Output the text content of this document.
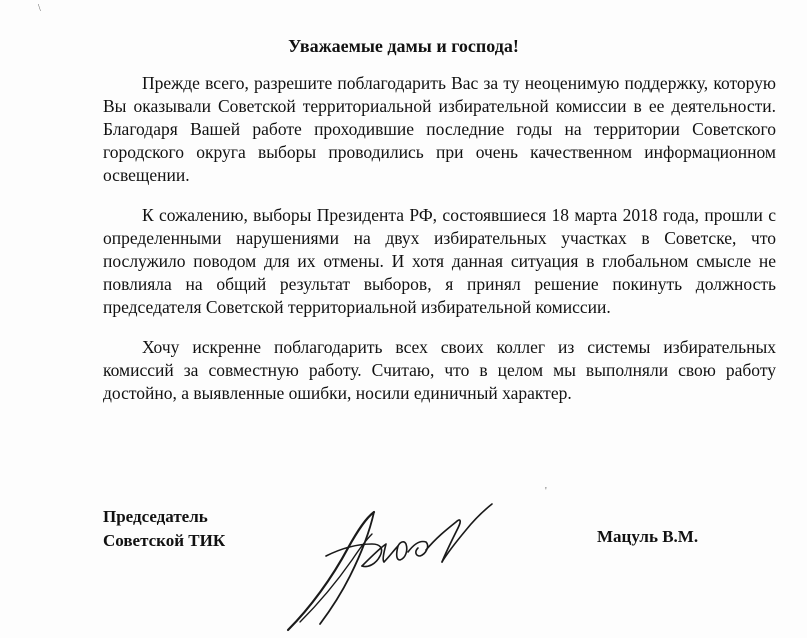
\
'
Уважаемые дамы и господа!

Прежде всего, разрешите поблагодарить Вас за ту неоценимую поддержку, которую Вы оказывали Советской территориальной избирательной комиссии в ее деятельности. Благодаря Вашей работе проходившие последние годы на территории Советского городского округа выборы проводились при очень качественном информационном освещении.

К сожалению, выборы Президента РФ, состоявшиеся 18 марта 2018 года, прошли с определенными нарушениями на двух избирательных участках в Советске, что послужило поводом для их отмены. И хотя данная ситуация в глобальном смысле не повлияла на общий результат выборов, я принял решение покинуть должность председателя Советской территориальной избирательной комиссии.

Хочу искренне поблагодарить всех своих коллег из системы избирательных комиссий за совместную работу. Считаю, что в целом мы выполняли свою работу достойно, а выявленные ошибки, носили единичный характер.

Председатель
Советской ТИК	Мацуль В.М.
